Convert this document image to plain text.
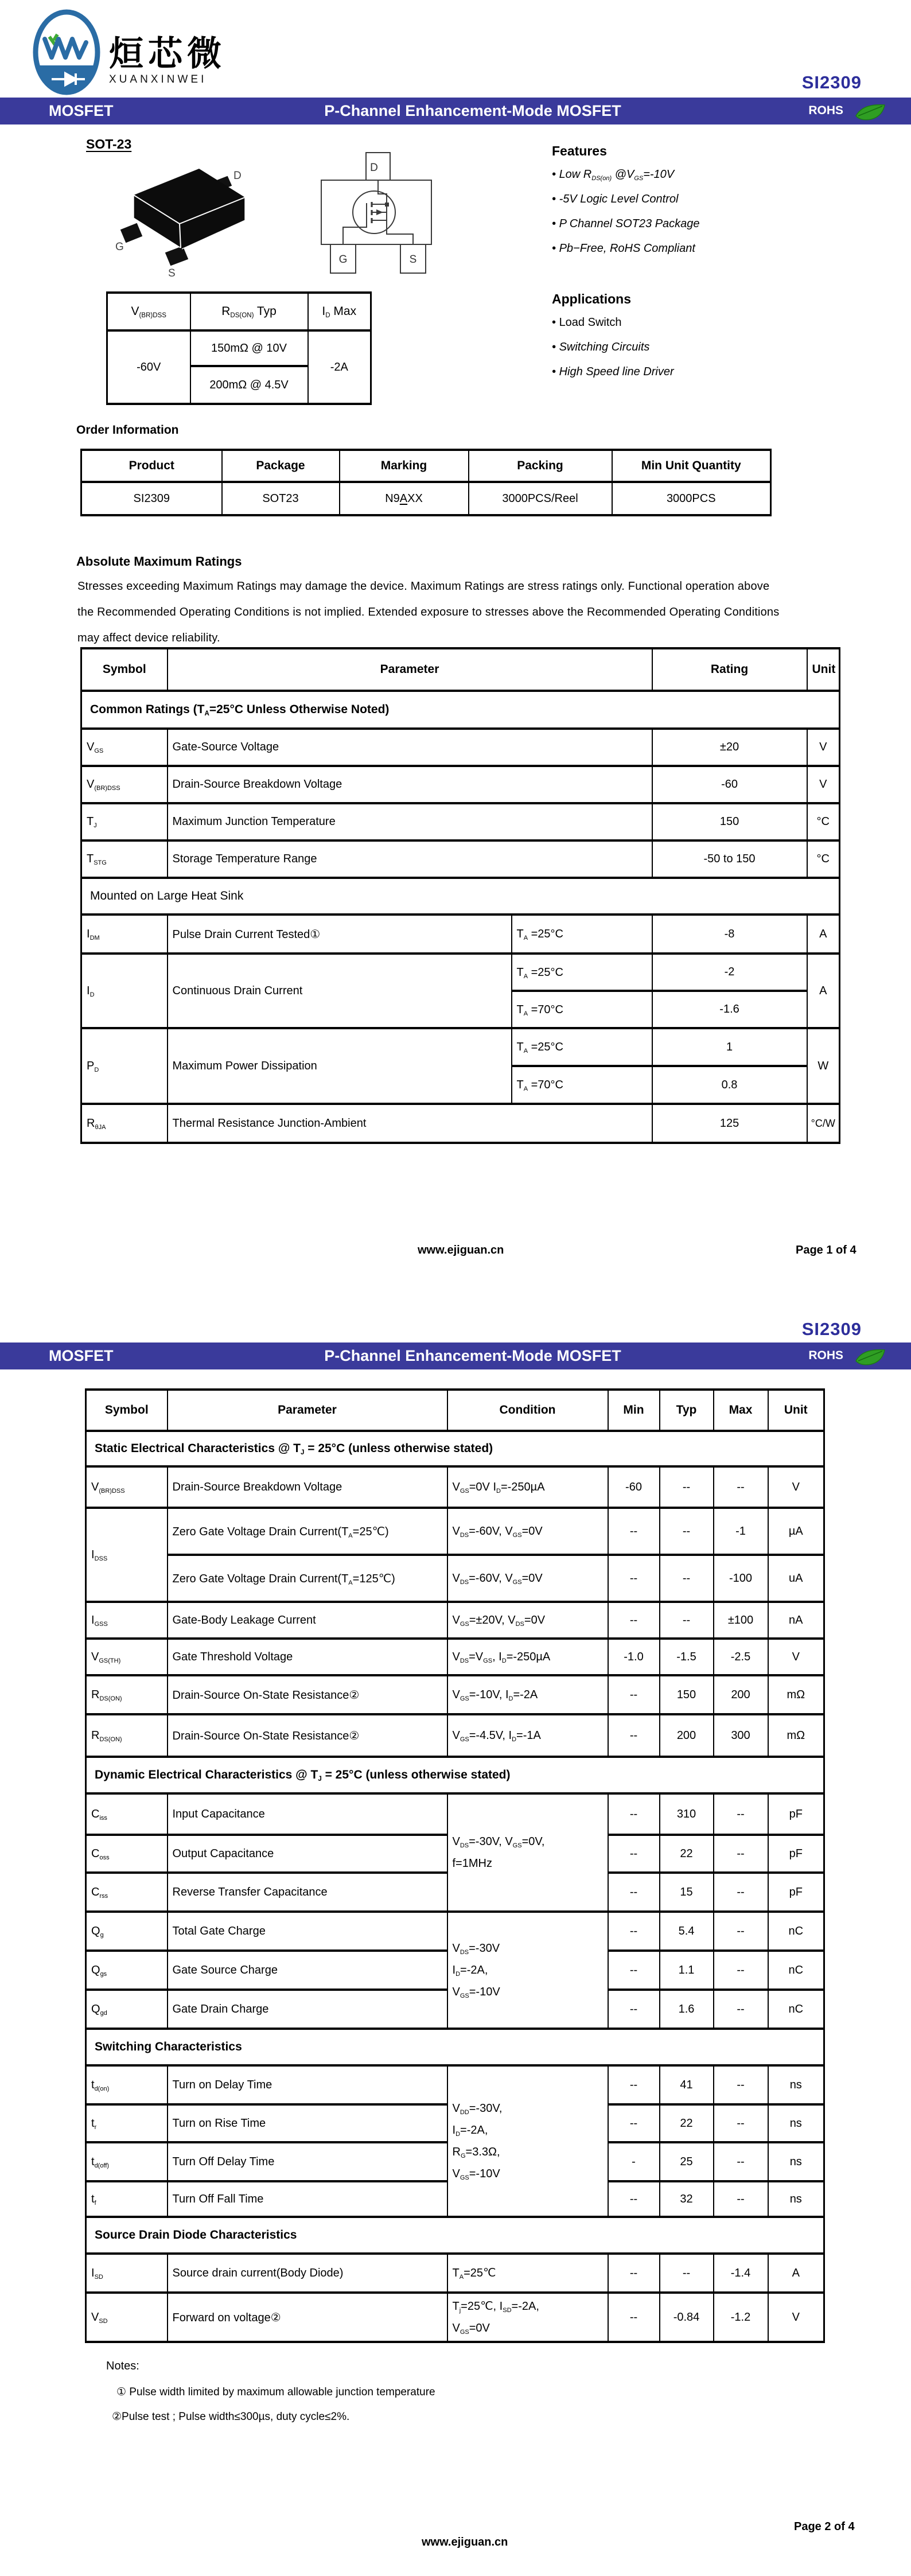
烜芯微
XUANXINWEI	SI2309
MOSFET	P-Channel Enhancement-Mode MOSFET	ROHS
SOT-23
D
G
S
D
G	S
Features
• Low $R_{DS(on)}$ $@V_{GS}=-10V$
• -5V Logic Level Control
• P Channel SOT23 Package
• Pb−Free, RoHS Compliant
Applications
• Load Switch
• Switching Circuits
• High Speed line Driver
$V_{(BR)DSS}$	$R_{DS(ON)}$ Typ	$I_D$ Max
-60V	150mΩ @ 10V	-2A
	200mΩ @ 4.5V	
Order Information
Product	Package	Marking	Packing	Min Unit Quantity
SI2309	SOT23	N9AXX	3000PCS/Reel	3000PCS
Absolute Maximum Ratings
Stresses exceeding Maximum Ratings may damage the device. Maximum Ratings are stress ratings only. Functional operation above
the Recommended Operating Conditions is not implied. Extended exposure to stresses above the Recommended Operating Conditions
may affect device reliability.
Symbol	Parameter		Rating	Unit
Common Ratings ($T_A=25^\circ C$ Unless Otherwise Noted)				
$V_{GS}$	Gate-Source Voltage		±20	V
$V_{(BR)DSS}$	Drain-Source Breakdown Voltage		-60	V
$T_J$	Maximum Junction Temperature		150	°C
$T_{STG}$	Storage Temperature Range		-50 to 150	°C
Mounted on Large Heat Sink				
$I_{DM}$	Pulse Drain Current Tested①	$T_A =25^\circ C$	-8	A
$I_D$	Continuous Drain Current	$T_A =25^\circ C$	-2	A
		$T_A =70^\circ C$	-1.6	
$P_D$	Maximum Power Dissipation	$T_A =25^\circ C$	1	W
		$T_A =70^\circ C$	0.8	
$R_{\theta JA}$	Thermal Resistance Junction-Ambient		125	°C/W
www.ejiguan.cn	Page 1 of 4
SI2309
MOSFET	P-Channel Enhancement-Mode MOSFET	ROHS
Symbol	Parameter	Condition	Min	Typ	Max	Unit
Static Electrical Characteristics @ $T_J = 25^\circ C$ (unless otherwise stated)						
$V_{(BR)DSS}$	Drain-Source Breakdown Voltage	$V_{GS}=0V$ $I_D=-250\mu A$	-60	--	--	V
$I_{DSS}$	Zero Gate Voltage Drain $Current(T_A=25℃)$	$V_{DS}=-60V$, $V_{GS}=0V$	--	--	-1	µA
	Zero Gate Voltage Drain $Current(T_A=125℃)$	$V_{DS}=-60V$, $V_{GS}=0V$	--	--	-100	uA
$I_{GSS}$	Gate-Body Leakage Current	$V_{GS}=\pm 20V$, $V_{DS}=0V$	--	--	±100	nA
$V_{GS(TH)}$	Gate Threshold Voltage	$V_{DS}=V_{GS}$, $I_D=-250\mu A$	-1.0	-1.5	-2.5	V
$R_{DS(ON)}$	Drain-Source On-State Resistance②	$V_{GS}=-10V$, $I_D=-2A$	--	150	200	mΩ
$R_{DS(ON)}$	Drain-Source On-State Resistance②	$V_{GS}=-4.5V$, $I_D=-1A$	--	200	300	mΩ
Dynamic Electrical Characteristics @ $T_J = 25^\circ C$ (unless otherwise stated)						
$C_{iss}$	Input Capacitance	$V_{DS}=-30V$, $V_{GS}=0V$,
f=1MHz	--	310	--	pF
$C_{oss}$	Output Capacitance		--	22	--	pF
$C_{rss}$	Reverse Transfer Capacitance		--	15	--	pF
$Q_g$	Total Gate Charge	$V_{DS}=-30V$
$I_D=-2A$,
$V_{GS}=-10V$	--	5.4	--	nC
$Q_{gs}$	Gate Source Charge		--	1.1	--	nC
$Q_{gd}$	Gate Drain Charge		--	1.6	--	nC
Switching Characteristics						
$t_{d(on)}$	Turn on Delay Time	$V_{DD}=-30V$,
$I_D=-2A$,
$R_G=3.3\Omega$,
$V_{GS}=-10V$	--	41	--	ns
$t_r$	Turn on Rise Time		--	22	--	ns
$t_{d(off)}$	Turn Off Delay Time		-	25	--	ns
$t_f$	Turn Off Fall Time		--	32	--	ns
Source Drain Diode Characteristics						
$I_{SD}$	Source drain current(Body Diode)	$T_A=25℃$	--	--	-1.4	A
$V_{SD}$	Forward on voltage②	$T_j=25℃$, $I_{SD}=-2A$,
$V_{GS}=0V$	--	-0.84	-1.2	V
Notes:
① Pulse width limited by maximum allowable junction temperature
②Pulse test ; Pulse width≤300µs, duty cycle≤2%.
Page 2 of 4
www.ejiguan.cn
